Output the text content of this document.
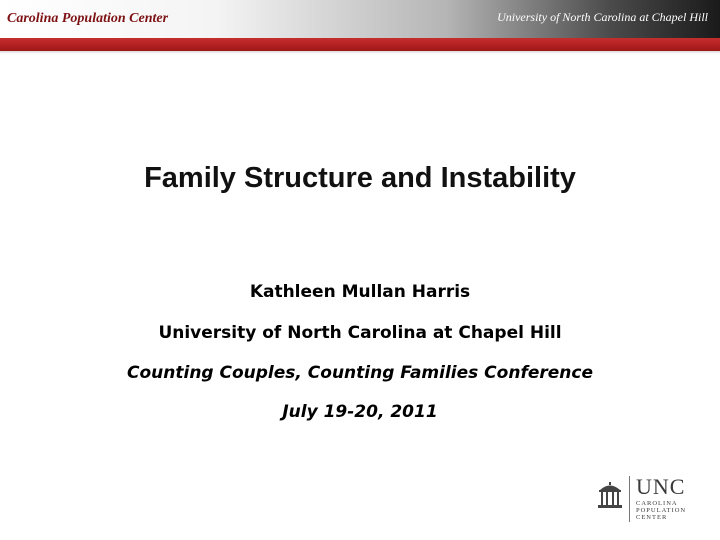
Carolina Population Center	University of North Carolina at Chapel Hill
Family Structure and Instability
Kathleen Mullan Harris
University of North Carolina at Chapel Hill
Counting Couples, Counting Families Conference
July 19-20, 2011
UNC
CAROLINA
POPULATION
CENTER
